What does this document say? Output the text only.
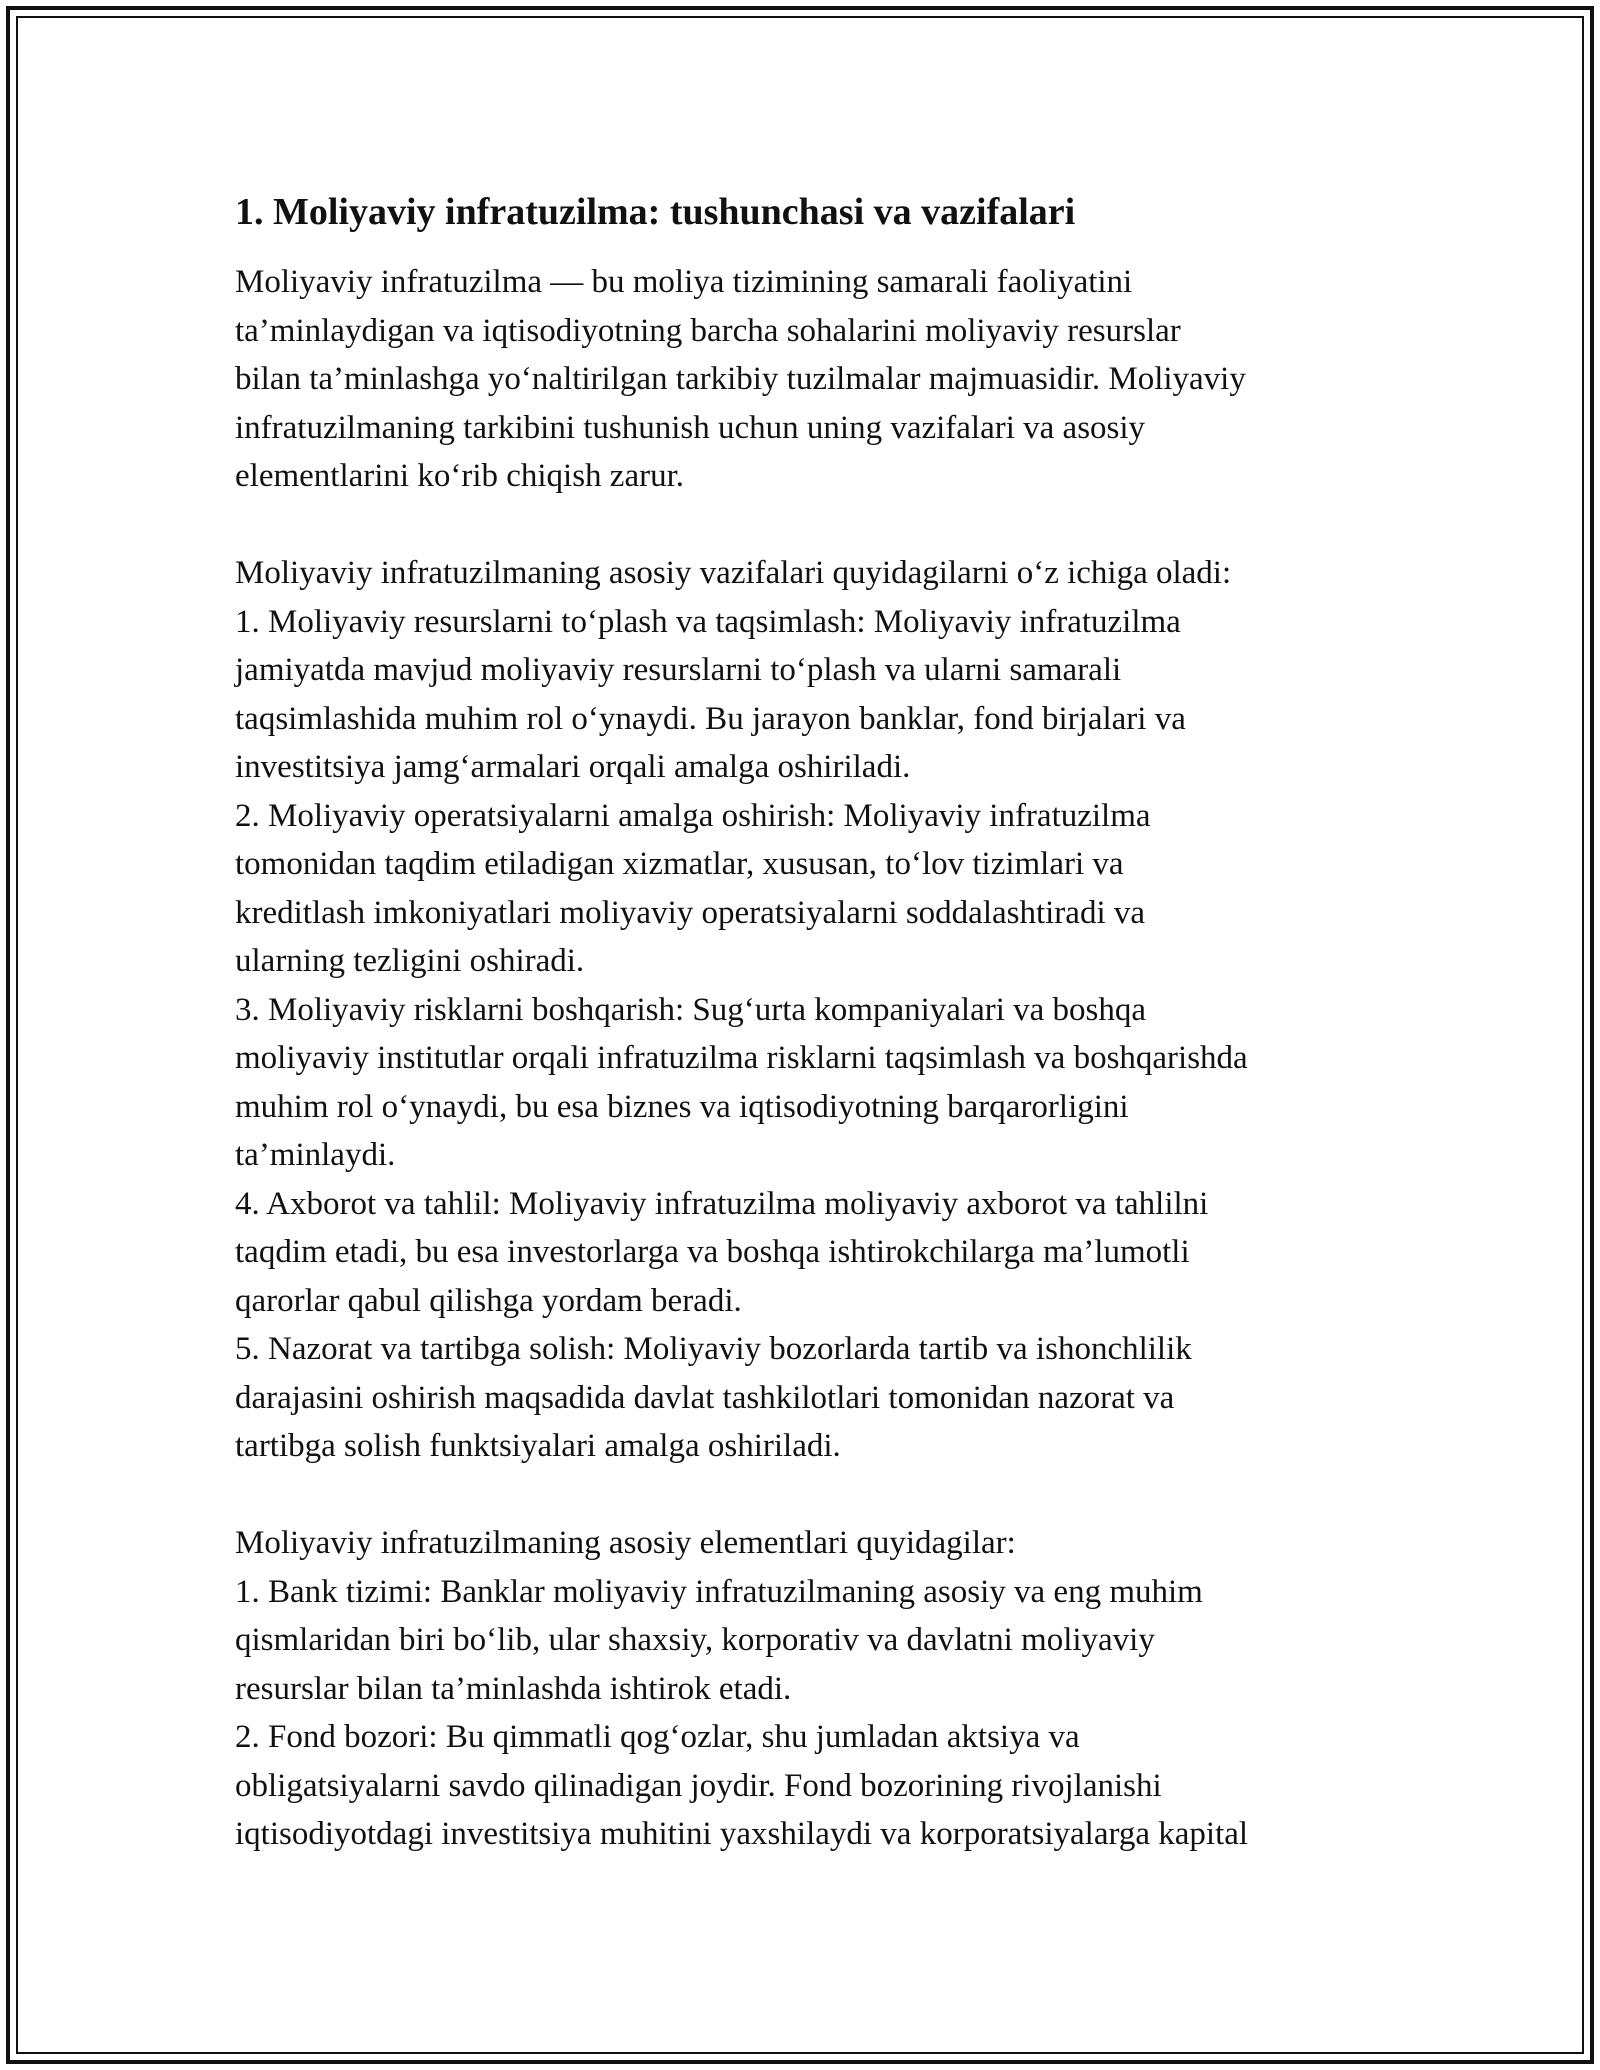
1. Moliyaviy infratuzilma: tushunchasi va vazifalari
Moliyaviy infratuzilma — bu moliya tizimining samarali faoliyatini
ta’minlaydigan va iqtisodiyotning barcha sohalarini moliyaviy resurslar
bilan ta’minlashga yo‘naltirilgan tarkibiy tuzilmalar majmuasidir. Moliyaviy
infratuzilmaning tarkibini tushunish uchun uning vazifalari va asosiy
elementlarini ko‘rib chiqish zarur.
Moliyaviy infratuzilmaning asosiy vazifalari quyidagilarni o‘z ichiga oladi:
1. Moliyaviy resurslarni to‘plash va taqsimlash: Moliyaviy infratuzilma
jamiyatda mavjud moliyaviy resurslarni to‘plash va ularni samarali
taqsimlashida muhim rol o‘ynaydi. Bu jarayon banklar, fond birjalari va
investitsiya jamg‘armalari orqali amalga oshiriladi.
2. Moliyaviy operatsiyalarni amalga oshirish: Moliyaviy infratuzilma
tomonidan taqdim etiladigan xizmatlar, xususan, to‘lov tizimlari va
kreditlash imkoniyatlari moliyaviy operatsiyalarni soddalashtiradi va
ularning tezligini oshiradi.
3. Moliyaviy risklarni boshqarish: Sug‘urta kompaniyalari va boshqa
moliyaviy institutlar orqali infratuzilma risklarni taqsimlash va boshqarishda
muhim rol o‘ynaydi, bu esa biznes va iqtisodiyotning barqarorligini
ta’minlaydi.
4. Axborot va tahlil: Moliyaviy infratuzilma moliyaviy axborot va tahlilni
taqdim etadi, bu esa investorlarga va boshqa ishtirokchilarga ma’lumotli
qarorlar qabul qilishga yordam beradi.
5. Nazorat va tartibga solish: Moliyaviy bozorlarda tartib va ishonchlilik
darajasini oshirish maqsadida davlat tashkilotlari tomonidan nazorat va
tartibga solish funktsiyalari amalga oshiriladi.
Moliyaviy infratuzilmaning asosiy elementlari quyidagilar:
1. Bank tizimi: Banklar moliyaviy infratuzilmaning asosiy va eng muhim
qismlaridan biri bo‘lib, ular shaxsiy, korporativ va davlatni moliyaviy
resurslar bilan ta’minlashda ishtirok etadi.
2. Fond bozori: Bu qimmatli qog‘ozlar, shu jumladan aktsiya va
obligatsiyalarni savdo qilinadigan joydir. Fond bozorining rivojlanishi
iqtisodiyotdagi investitsiya muhitini yaxshilaydi va korporatsiyalarga kapital
